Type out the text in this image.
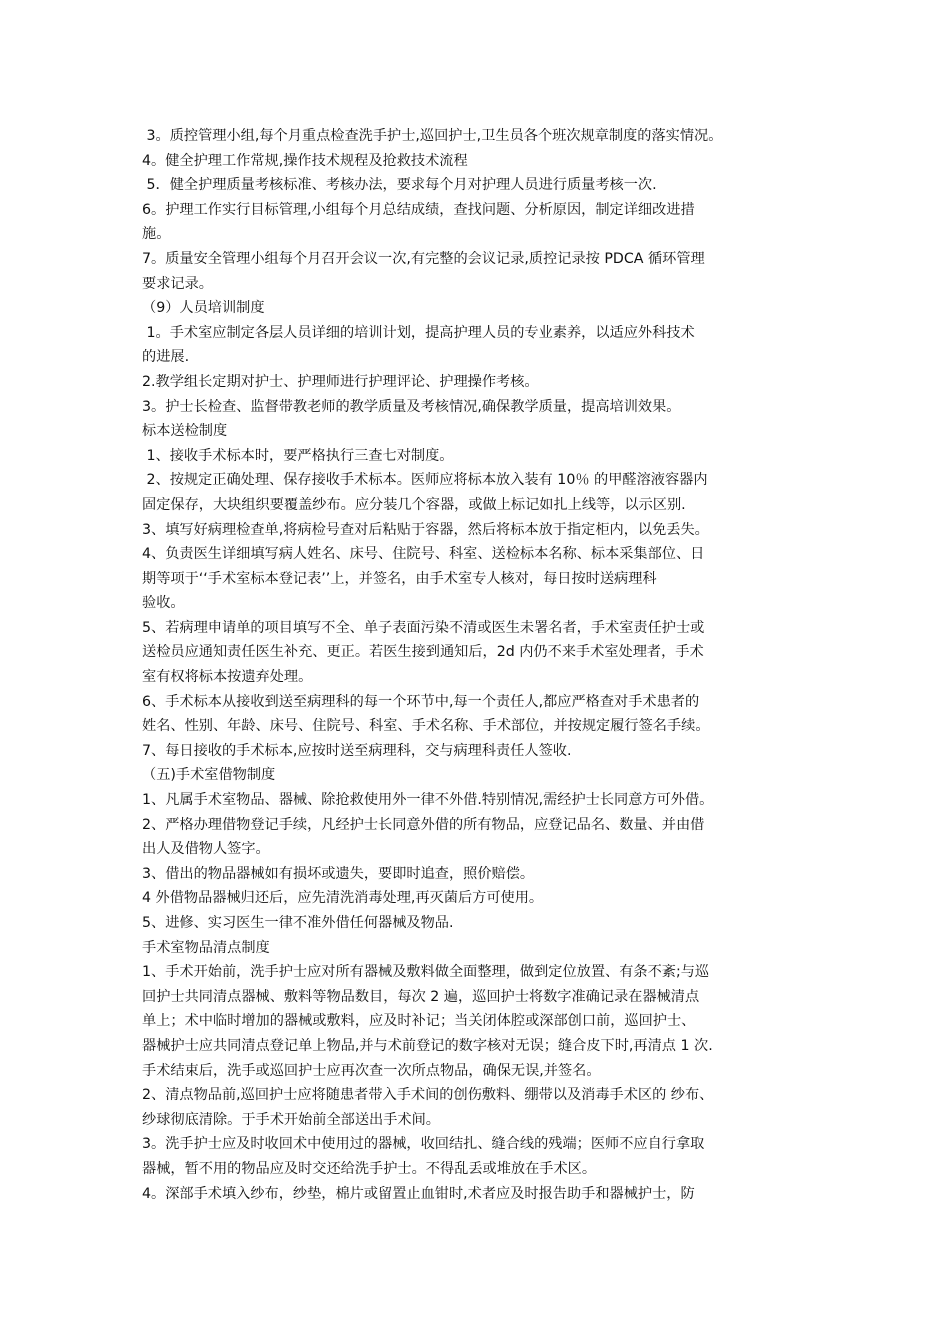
3。质控管理小组,每个月重点检查洗手护士,巡回护士,卫生员各个班次规章制度的落实情况。
4。健全护理工作常规,操作技术规程及抢救技术流程
5．健全护理质量考核标准、考核办法，要求每个月对护理人员进行质量考核一次.
6。护理工作实行目标管理,小组每个月总结成绩，查找问题、分析原因，制定详细改进措
施。
7。质量安全管理小组每个月召开会议一次,有完整的会议记录,质控记录按 PDCA 循环管理
要求记录。
（9）人员培训制度
1。手术室应制定各层人员详细的培训计划，提高护理人员的专业素养，以适应外科技术
的进展.
2.教学组长定期对护士、护理师进行护理评论、护理操作考核。
3。护士长检查、监督带教老师的教学质量及考核情况,确保教学质量，提高培训效果。
标本送检制度
1、接收手术标本时，要严格执行三查七对制度。
2、按规定正确处理、保存接收手术标本。医师应将标本放入装有 10％ 的甲醛溶液容器内
固定保存，大块组织要覆盖纱布。应分装几个容器，或做上标记如扎上线等，以示区别.
3、填写好病理检查单,将病检号查对后粘贴于容器，然后将标本放于指定柜内，以免丢失。
4、负责医生详细填写病人姓名、床号、住院号、科室、送检标本名称、标本采集部位、日
期等项于‘‘手术室标本登记表’’上，并签名，由手术室专人核对，每日按时送病理科
验收。
5、若病理申请单的项目填写不全、单子表面污染不清或医生未署名者，手术室责任护士或
送检员应通知责任医生补充、更正。若医生接到通知后，2d 内仍不来手术室处理者，手术
室有权将标本按遗弃处理。
6、手术标本从接收到送至病理科的每一个环节中,每一个责任人,都应严格查对手术患者的
姓名、性别、年龄、床号、住院号、科室、手术名称、手术部位，并按规定履行签名手续。
7、每日接收的手术标本,应按时送至病理科，交与病理科责任人签收.
（五)手术室借物制度
1、凡属手术室物品、器械、除抢救使用外一律不外借.特别情况,需经护士长同意方可外借。
2、严格办理借物登记手续，凡经护士长同意外借的所有物品，应登记品名、数量、并由借
出人及借物人签字。
3、借出的物品器械如有损坏或遗失，要即时追查，照价赔偿。
4 外借物品器械归还后，应先清洗消毒处理,再灭菌后方可使用。
5、进修、实习医生一律不准外借任何器械及物品.
手术室物品清点制度
1、手术开始前，洗手护士应对所有器械及敷料做全面整理，做到定位放置、有条不紊;与巡
回护士共同清点器械、敷料等物品数目，每次 2 遍，巡回护士将数字准确记录在器械清点
单上；术中临时增加的器械或敷料，应及时补记；当关闭体腔或深部创口前，巡回护士、
器械护士应共同清点登记单上物品,并与术前登记的数字核对无误；缝合皮下时,再清点 1 次.
手术结束后，洗手或巡回护士应再次查一次所点物品，确保无误,并签名。
2、清点物品前,巡回护士应将随患者带入手术间的创伤敷料、绷带以及消毒手术区的 纱布、
纱球彻底清除。于手术开始前全部送出手术间。
3。洗手护士应及时收回术中使用过的器械，收回结扎、缝合线的残端；医师不应自行拿取
器械，暂不用的物品应及时交还给洗手护士。不得乱丢或堆放在手术区。
4。深部手术填入纱布，纱垫，棉片或留置止血钳时,术者应及时报告助手和器械护士，防
